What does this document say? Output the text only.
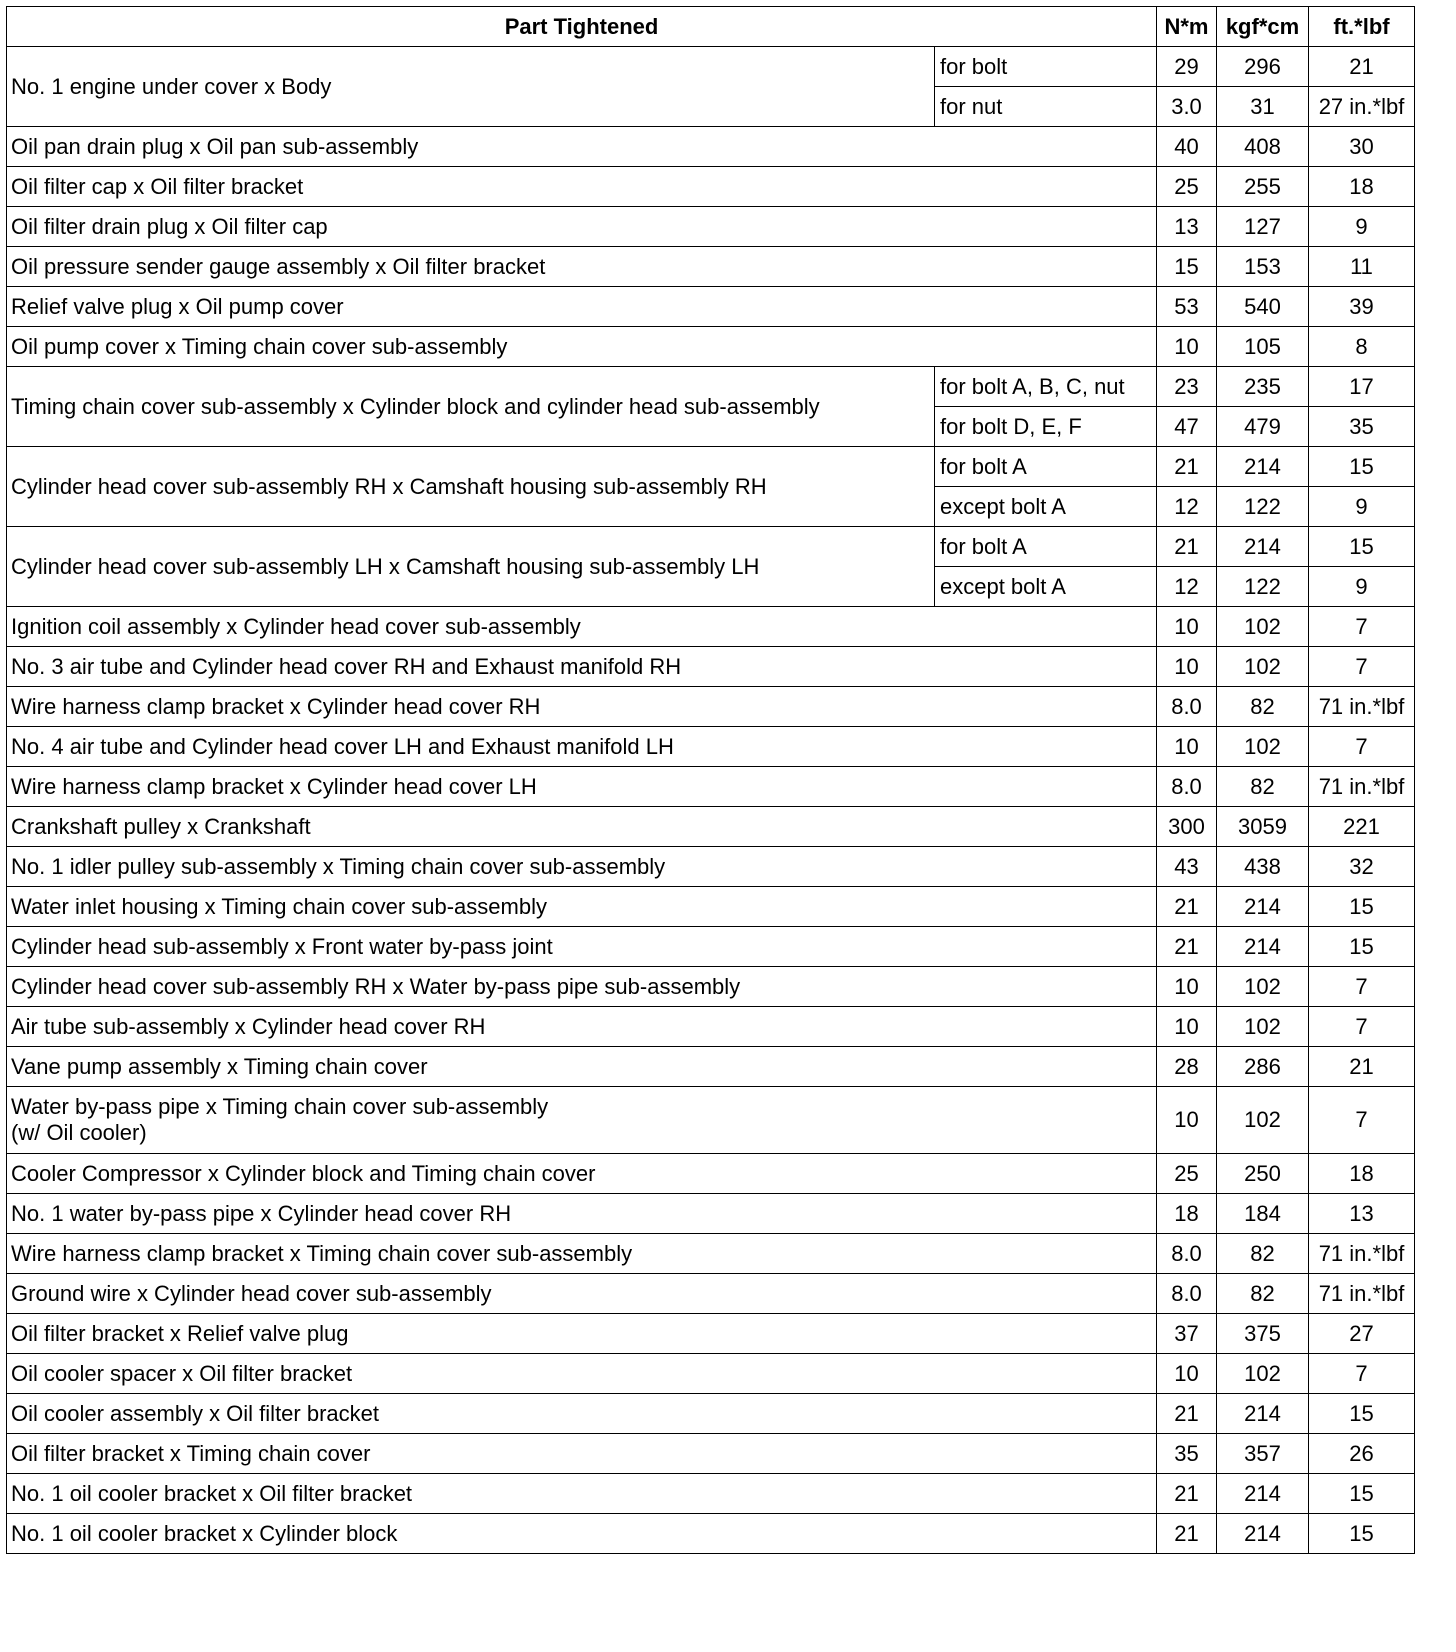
Part Tightened		N*m	kgf*cm	ft.*lbf
No. 1 engine under cover x Body	for bolt	29	296	21
	for nut	3.0	31	27 in.*lbf
Oil pan drain plug x Oil pan sub-assembly		40	408	30
Oil filter cap x Oil filter bracket		25	255	18
Oil filter drain plug x Oil filter cap		13	127	9
Oil pressure sender gauge assembly x Oil filter bracket		15	153	11
Relief valve plug x Oil pump cover		53	540	39
Oil pump cover x Timing chain cover sub-assembly		10	105	8
Timing chain cover sub-assembly x Cylinder block and cylinder head sub-assembly	for bolt A, B, C, nut	23	235	17
	for bolt D, E, F	47	479	35
Cylinder head cover sub-assembly RH x Camshaft housing sub-assembly RH	for bolt A	21	214	15
	except bolt A	12	122	9
Cylinder head cover sub-assembly LH x Camshaft housing sub-assembly LH	for bolt A	21	214	15
	except bolt A	12	122	9
Ignition coil assembly x Cylinder head cover sub-assembly		10	102	7
No. 3 air tube and Cylinder head cover RH and Exhaust manifold RH		10	102	7
Wire harness clamp bracket x Cylinder head cover RH		8.0	82	71 in.*lbf
No. 4 air tube and Cylinder head cover LH and Exhaust manifold LH		10	102	7
Wire harness clamp bracket x Cylinder head cover LH		8.0	82	71 in.*lbf
Crankshaft pulley x Crankshaft		300	3059	221
No. 1 idler pulley sub-assembly x Timing chain cover sub-assembly		43	438	32
Water inlet housing x Timing chain cover sub-assembly		21	214	15
Cylinder head sub-assembly x Front water by-pass joint		21	214	15
Cylinder head cover sub-assembly RH x Water by-pass pipe sub-assembly		10	102	7
Air tube sub-assembly x Cylinder head cover RH		10	102	7
Vane pump assembly x Timing chain cover		28	286	21

Water by-pass pipe x Timing chain cover sub-assembly
(w/ Oil cooler)		10	102	7
Cooler Compressor x Cylinder block and Timing chain cover		25	250	18
No. 1 water by-pass pipe x Cylinder head cover RH		18	184	13
Wire harness clamp bracket x Timing chain cover sub-assembly		8.0	82	71 in.*lbf
Ground wire x Cylinder head cover sub-assembly		8.0	82	71 in.*lbf
Oil filter bracket x Relief valve plug		37	375	27
Oil cooler spacer x Oil filter bracket		10	102	7
Oil cooler assembly x Oil filter bracket		21	214	15
Oil filter bracket x Timing chain cover		35	357	26
No. 1 oil cooler bracket x Oil filter bracket		21	214	15
No. 1 oil cooler bracket x Cylinder block		21	214	15
